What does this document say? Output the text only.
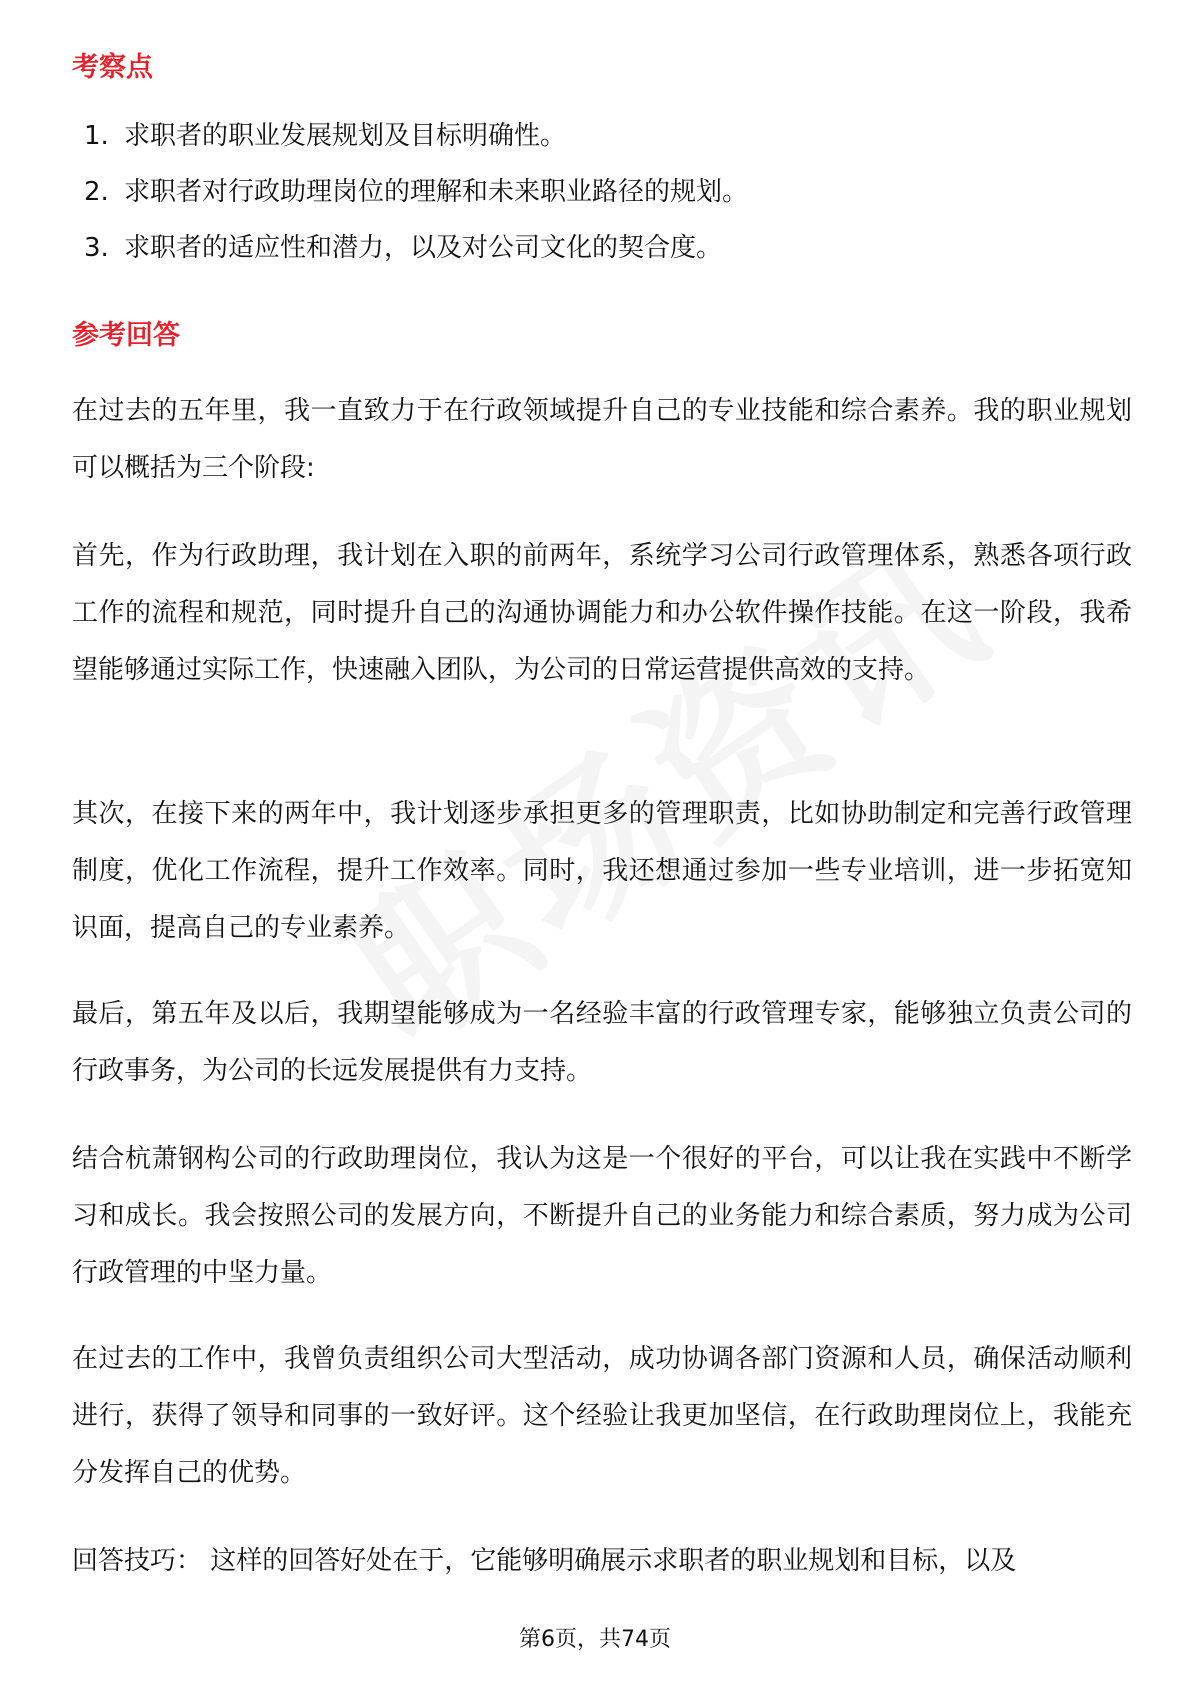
考察点
1. 求职者的职业发展规划及目标明确性。
2. 求职者对行政助理岗位的理解和未来职业路径的规划。
3. 求职者的适应性和潜力，以及对公司文化的契合度。
参考回答

在过去的五年里，我一直致力于在行政领域提升自己的专业技能和综合素养。我的职业规划可以概括为三个阶段:

首先，作为行政助理，我计划在入职的前两年，系统学习公司行政管理体系，熟悉各项行政工作的流程和规范，同时提升自己的沟通协调能力和办公软件操作技能。在这一阶段，我希望能够通过实际工作，快速融入团队，为公司的日常运营提供高效的支持。

其次，在接下来的两年中，我计划逐步承担更多的管理职责，比如协助制定和完善行政管理制度，优化工作流程，提升工作效率。同时，我还想通过参加一些专业培训，进一步拓宽知识面，提高自己的专业素养。

最后，第五年及以后，我期望能够成为一名经验丰富的行政管理专家，能够独立负责公司的行政事务，为公司的长远发展提供有力支持。

结合杭萧钢构公司的行政助理岗位，我认为这是一个很好的平台，可以让我在实践中不断学习和成长。我会按照公司的发展方向，不断提升自己的业务能力和综合素质，努力成为公司行政管理的中坚力量。

在过去的工作中，我曾负责组织公司大型活动，成功协调各部门资源和人员，确保活动顺利进行，获得了领导和同事的一致好评。这个经验让我更加坚信，在行政助理岗位上，我能充分发挥自己的优势。

回答技巧： 这样的回答好处在于，它能够明确展示求职者的职业规划和目标，以及

第6页，共74页
